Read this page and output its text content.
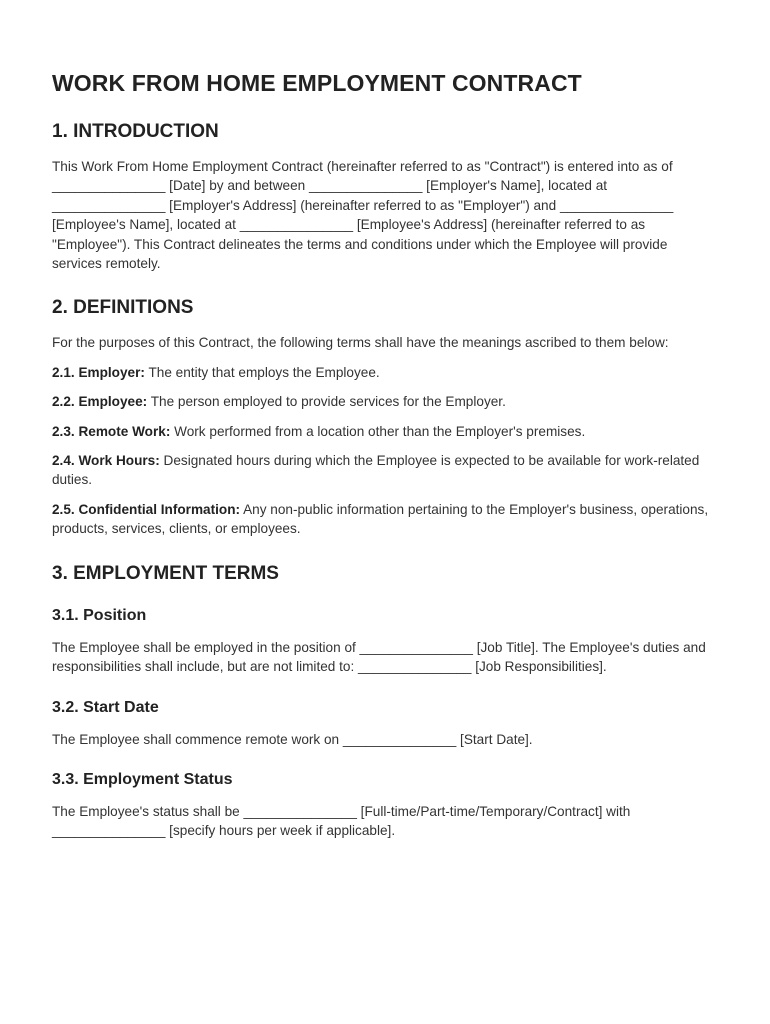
WORK FROM HOME EMPLOYMENT CONTRACT
1. INTRODUCTION

This Work From Home Employment Contract (hereinafter referred to as "Contract") is entered into as of _______________ [Date] by and between _______________ [Employer's Name], located at _______________ [Employer's Address] (hereinafter referred to as "Employer") and _______________ [Employee's Name], located at _______________ [Employee's Address] (hereinafter referred to as "Employee"). This Contract delineates the terms and conditions under which the Employee will provide services remotely.

2. DEFINITIONS

For the purposes of this Contract, the following terms shall have the meanings ascribed to them below:

2.1. Employer: The entity that employs the Employee.

2.2. Employee: The person employed to provide services for the Employer.

2.3. Remote Work: Work performed from a location other than the Employer's premises.

2.4. Work Hours: Designated hours during which the Employee is expected to be available for work-related duties.

2.5. Confidential Information: Any non-public information pertaining to the Employer's business, operations, products, services, clients, or employees.

3. EMPLOYMENT TERMS
3.1. Position

The Employee shall be employed in the position of _______________ [Job Title]. The Employee's duties and responsibilities shall include, but are not limited to: _______________ [Job Responsibilities].

3.2. Start Date

The Employee shall commence remote work on _______________ [Start Date].

3.3. Employment Status

The Employee's status shall be _______________ [Full-time/Part-time/Temporary/Contract] with _______________ [specify hours per week if applicable].
